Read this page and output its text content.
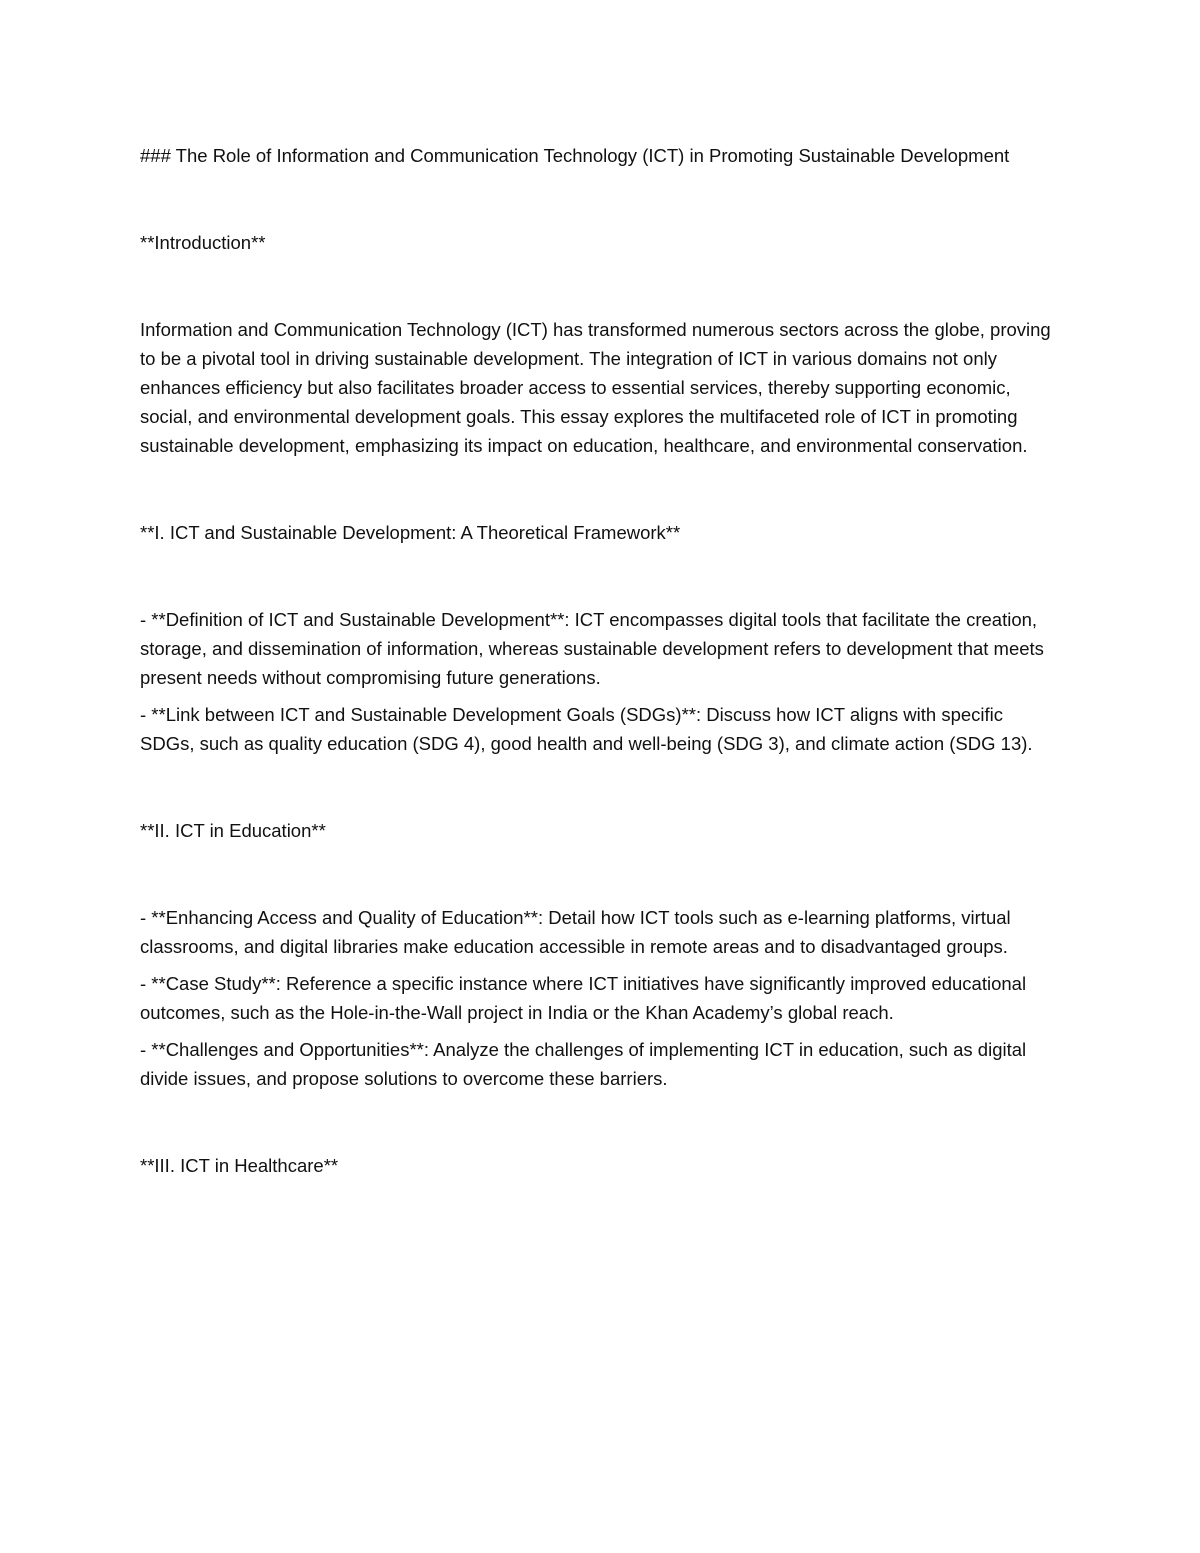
### The Role of Information and Communication Technology (ICT) in Promoting Sustainable Development

**Introduction**

Information and Communication Technology (ICT) has transformed numerous sectors across the globe, proving to be a pivotal tool in driving sustainable development. The integration of ICT in various domains not only enhances efficiency but also facilitates broader access to essential services, thereby supporting economic, social, and environmental development goals. This essay explores the multifaceted role of ICT in promoting sustainable development, emphasizing its impact on education, healthcare, and environmental conservation.

**I. ICT and Sustainable Development: A Theoretical Framework**

- **Definition of ICT and Sustainable Development**: ICT encompasses digital tools that facilitate the creation, storage, and dissemination of information, whereas sustainable development refers to development that meets present needs without compromising future generations.

- **Link between ICT and Sustainable Development Goals (SDGs)**: Discuss how ICT aligns with specific SDGs, such as quality education (SDG 4), good health and well-being (SDG 3), and climate action (SDG 13).

**II. ICT in Education**

- **Enhancing Access and Quality of Education**: Detail how ICT tools such as e-learning platforms, virtual classrooms, and digital libraries make education accessible in remote areas and to disadvantaged groups.

- **Case Study**: Reference a specific instance where ICT initiatives have significantly improved educational outcomes, such as the Hole-in-the-Wall project in India or the Khan Academy’s global reach.

- **Challenges and Opportunities**: Analyze the challenges of implementing ICT in education, such as digital divide issues, and propose solutions to overcome these barriers.

**III. ICT in Healthcare**
